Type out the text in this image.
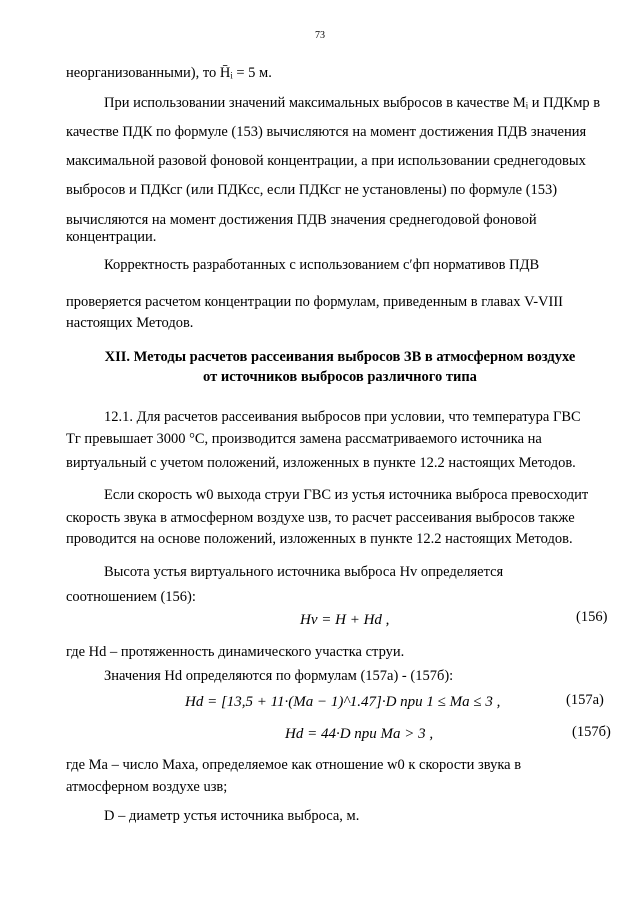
73
неорганизованными), то H̄ᵢ = 5 м.
При использовании значений максимальных выбросов в качестве Mᵢ и ПДКмр в
качестве ПДК по формуле (153) вычисляются на момент достижения ПДВ значения
максимальной разовой фоновой концентрации, а при использовании среднегодовых
выбросов и ПДКсг (или ПДКсс, если ПДКсг не установлены) по формуле (153)
вычисляются на момент достижения ПДВ значения среднегодовой фоновой
концентрации.
Корректность разработанных с использованием c′фп нормативов ПДВ
проверяется расчетом концентрации по формулам, приведенным в главах V-VIII
настоящих Методов.
XII. Методы расчетов рассеивания выбросов ЗВ в атмосферном воздухе
от источников выбросов различного типа
12.1. Для расчетов рассеивания выбросов при условии, что температура ГВС
Tг превышает 3000 °C, производится замена рассматриваемого источника на
виртуальный с учетом положений, изложенных в пункте 12.2 настоящих Методов.
Если скорость w0 выхода струи ГВС из устья источника выброса превосходит
скорость звука в атмосферном воздухе uзв, то расчет рассеивания выбросов также
проводится на основе положений, изложенных в пункте 12.2 настоящих Методов.
Высота устья виртуального источника выброса Hv определяется
соотношением (156):
Hv = H + Hd ,	(156)
где Hd – протяженность динамического участка струи.
Значения Hd определяются по формулам (157а) - (157б):
Hd = [13,5 + 11·(Ma − 1)^1.47]·D при 1 ≤ Ma ≤ 3 ,	(157а)
Hd = 44·D при Ma > 3 ,	(157б)
где Ma – число Маха, определяемое как отношение w0 к скорости звука в
атмосферном воздухе uзв;
D – диаметр устья источника выброса, м.
